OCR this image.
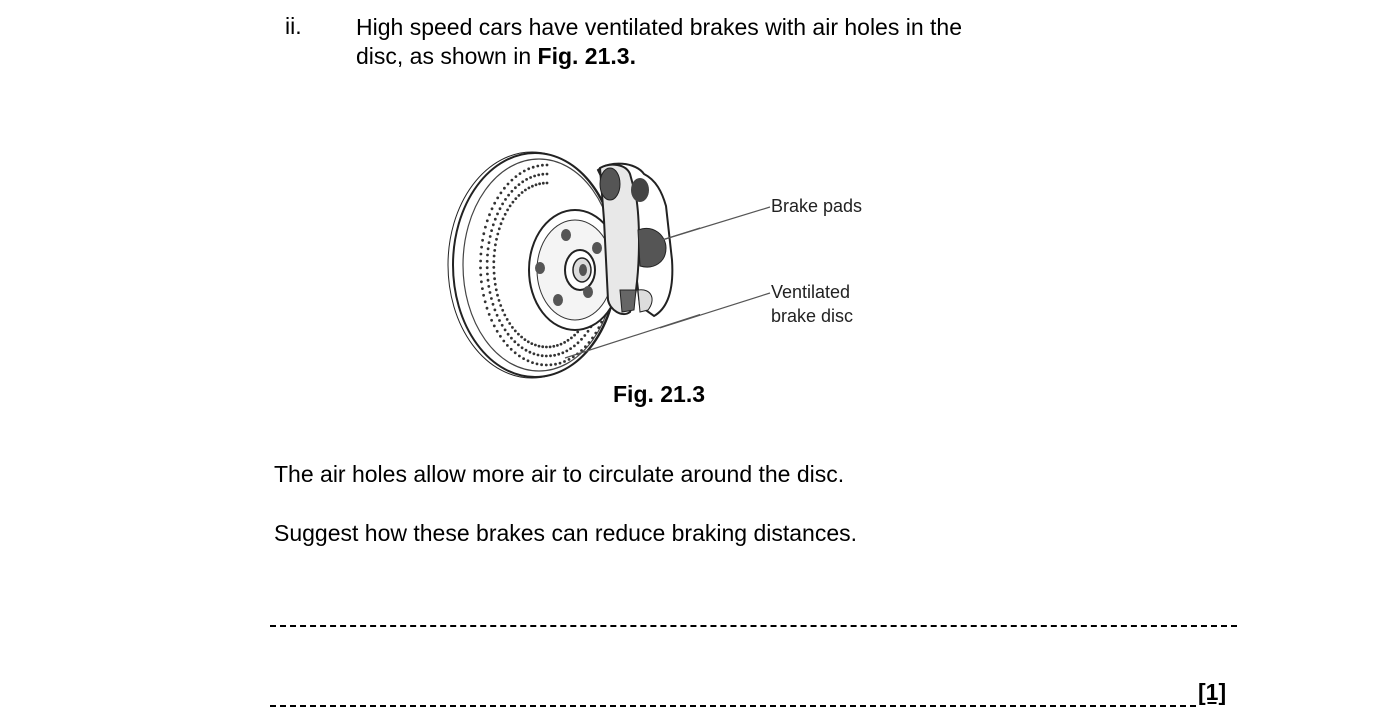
ii. High speed cars have ventilated brakes with air holes in the
disc, as shown in Fig. 21.3.
Brake pads
Ventilated
brake disc
Fig. 21.3
The air holes allow more air to circulate around the disc.
Suggest how these brakes can reduce braking distances.
[1]
